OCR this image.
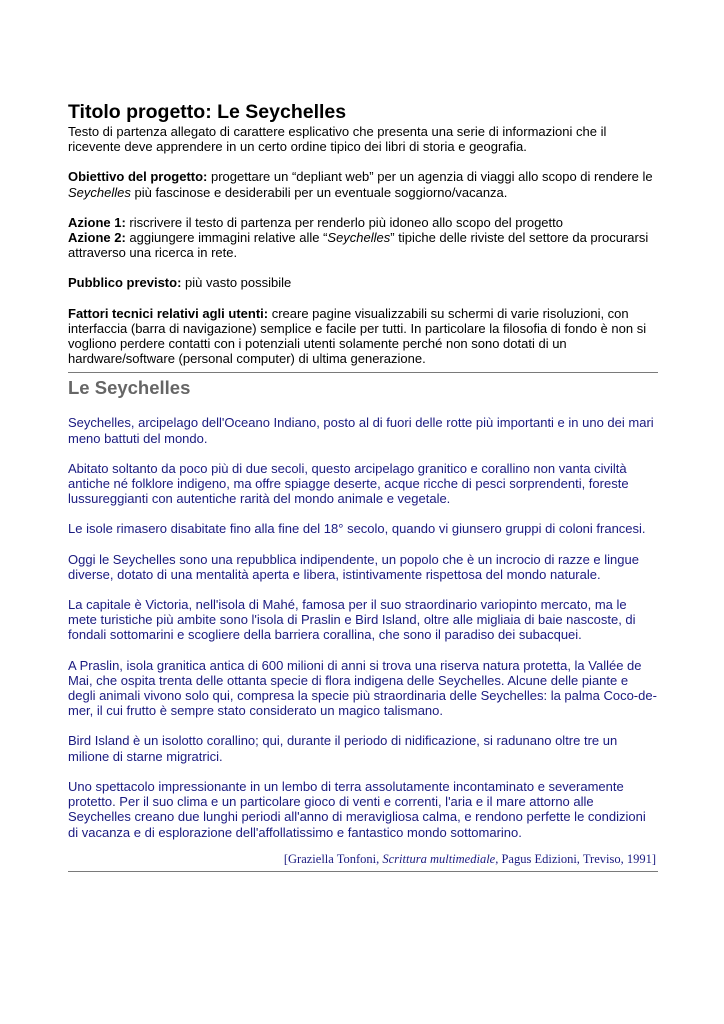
Titolo progetto: Le Seychelles

Testo di partenza allegato di carattere esplicativo che presenta una serie di informazioni che il ricevente deve apprendere in un certo ordine tipico dei libri di storia e geografia.

Obiettivo del progetto: progettare un “depliant web” per un agenzia di viaggi allo scopo di rendere le Seychelles più fascinose e desiderabili per un eventuale soggiorno/vacanza.

Azione 1: riscrivere il testo di partenza per renderlo più idoneo allo scopo del progetto

Azione 2: aggiungere immagini relative alle “Seychelles” tipiche delle riviste del settore da procurarsi attraverso una ricerca in rete.

Pubblico previsto: più vasto possibile

Fattori tecnici relativi agli utenti: creare pagine visualizzabili su schermi di varie risoluzioni, con interfaccia (barra di navigazione) semplice e facile per tutti. In particolare la filosofia di fondo è non si vogliono perdere contatti con i potenziali utenti solamente perché non sono dotati di un hardware/software (personal computer) di ultima generazione.

Le Seychelles

Seychelles, arcipelago dell'Oceano Indiano, posto al di fuori delle rotte più importanti e in uno dei mari meno battuti del mondo.

Abitato soltanto da poco più di due secoli, questo arcipelago granitico e corallino non vanta civiltà antiche né folklore indigeno, ma offre spiagge deserte, acque ricche di pesci sorprendenti, foreste lussureggianti con autentiche rarità del mondo animale e vegetale.

Le isole rimasero disabitate fino alla fine del 18° secolo, quando vi giunsero gruppi di coloni francesi.

Oggi le Seychelles sono una repubblica indipendente, un popolo che è un incrocio di razze e lingue diverse, dotato di una mentalità aperta e libera, istintivamente rispettosa del mondo naturale.

La capitale è Victoria, nell'isola di Mahé, famosa per il suo straordinario variopinto mercato, ma le mete turistiche più ambite sono l'isola di Praslin e Bird Island, oltre alle migliaia di baie nascoste, di fondali sottomarini e scogliere della barriera corallina, che sono il paradiso dei subacquei.

A Praslin, isola granitica antica di 600 milioni di anni si trova una riserva natura protetta, la Vallée de Mai, che ospita trenta delle ottanta specie di flora indigena delle Seychelles. Alcune delle piante e degli animali vivono solo qui, compresa la specie più straordinaria delle Seychelles: la palma Coco-de-mer, il cui frutto è sempre stato considerato un magico talismano.

Bird Island è un isolotto corallino; qui, durante il periodo di nidificazione, si radunano oltre tre un milione di starne migratrici.

Uno spettacolo impressionante in un lembo di terra assolutamente incontaminato e severamente protetto. Per il suo clima e un particolare gioco di venti e correnti, l'aria e il mare attorno alle Seychelles creano due lunghi periodi all'anno di meravigliosa calma, e rendono perfette le condizioni di vacanza e di esplorazione dell'affollatissimo e fantastico mondo sottomarino.

[Graziella Tonfoni, Scrittura multimediale, Pagus Edizioni, Treviso, 1991]
